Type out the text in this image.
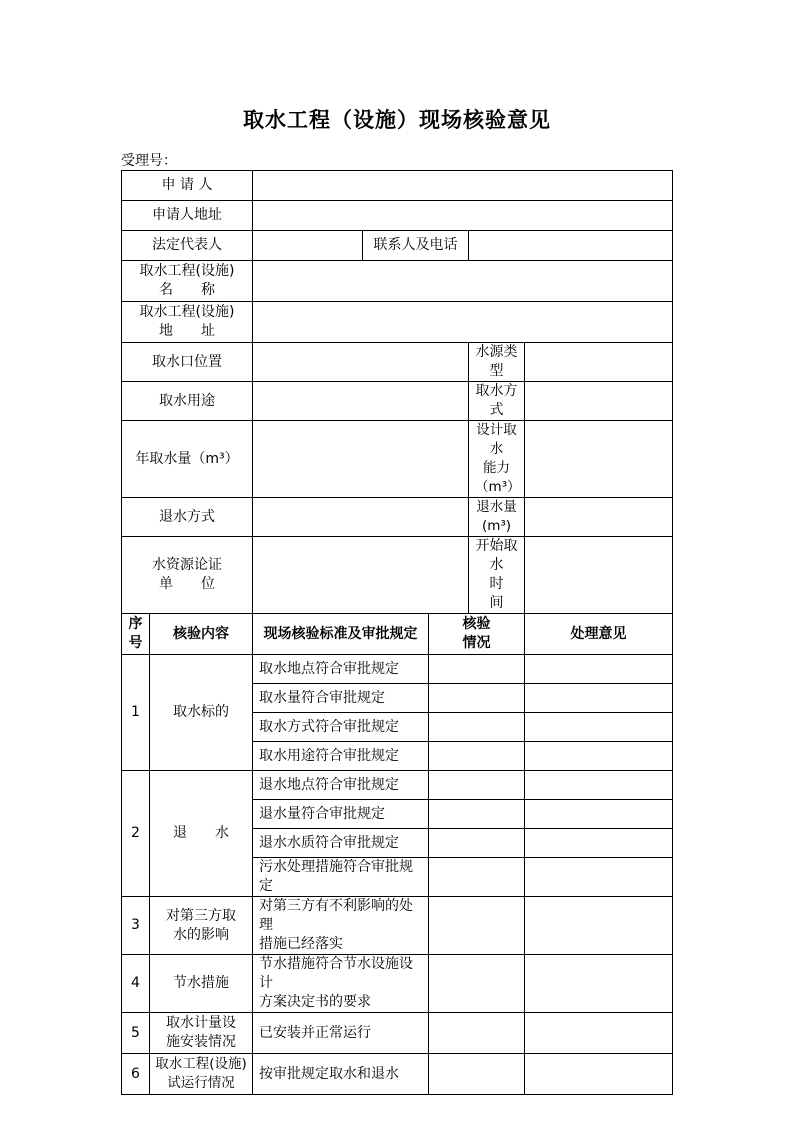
取水工程（设施）现场核验意见
受理号：
申 请 人						
申请人地址						
法定代表人			联系人及电话			
取水工程(设施)
名　　称						
取水工程(设施)
地　　址						
取水口位置					水源类型	
取水用途					取水方式	
年取水量（m³）					设计取水
能力（m³）	
退水方式					退水量(m³)	
水资源论证
单　　位					开始取水
时　　间	
序
号	核验内容	现场核验标准及审批规定		核验
情况		处理意见
1	取水标的	取水地点符合审批规定				
		取水量符合审批规定				
		取水方式符合审批规定				
		取水用途符合审批规定				
2	退　　水	退水地点符合审批规定				
		退水量符合审批规定				
		退水水质符合审批规定				
		污水处理措施符合审批规定				
3	对第三方取
水的影响	对第三方有不利影响的处理
措施已经落实				
4	节水措施	节水措施符合节水设施设计
方案决定书的要求				
5	取水计量设
施安装情况	已安装并正常运行				
6	取水工程(设施)
试运行情况	按审批规定取水和退水				
